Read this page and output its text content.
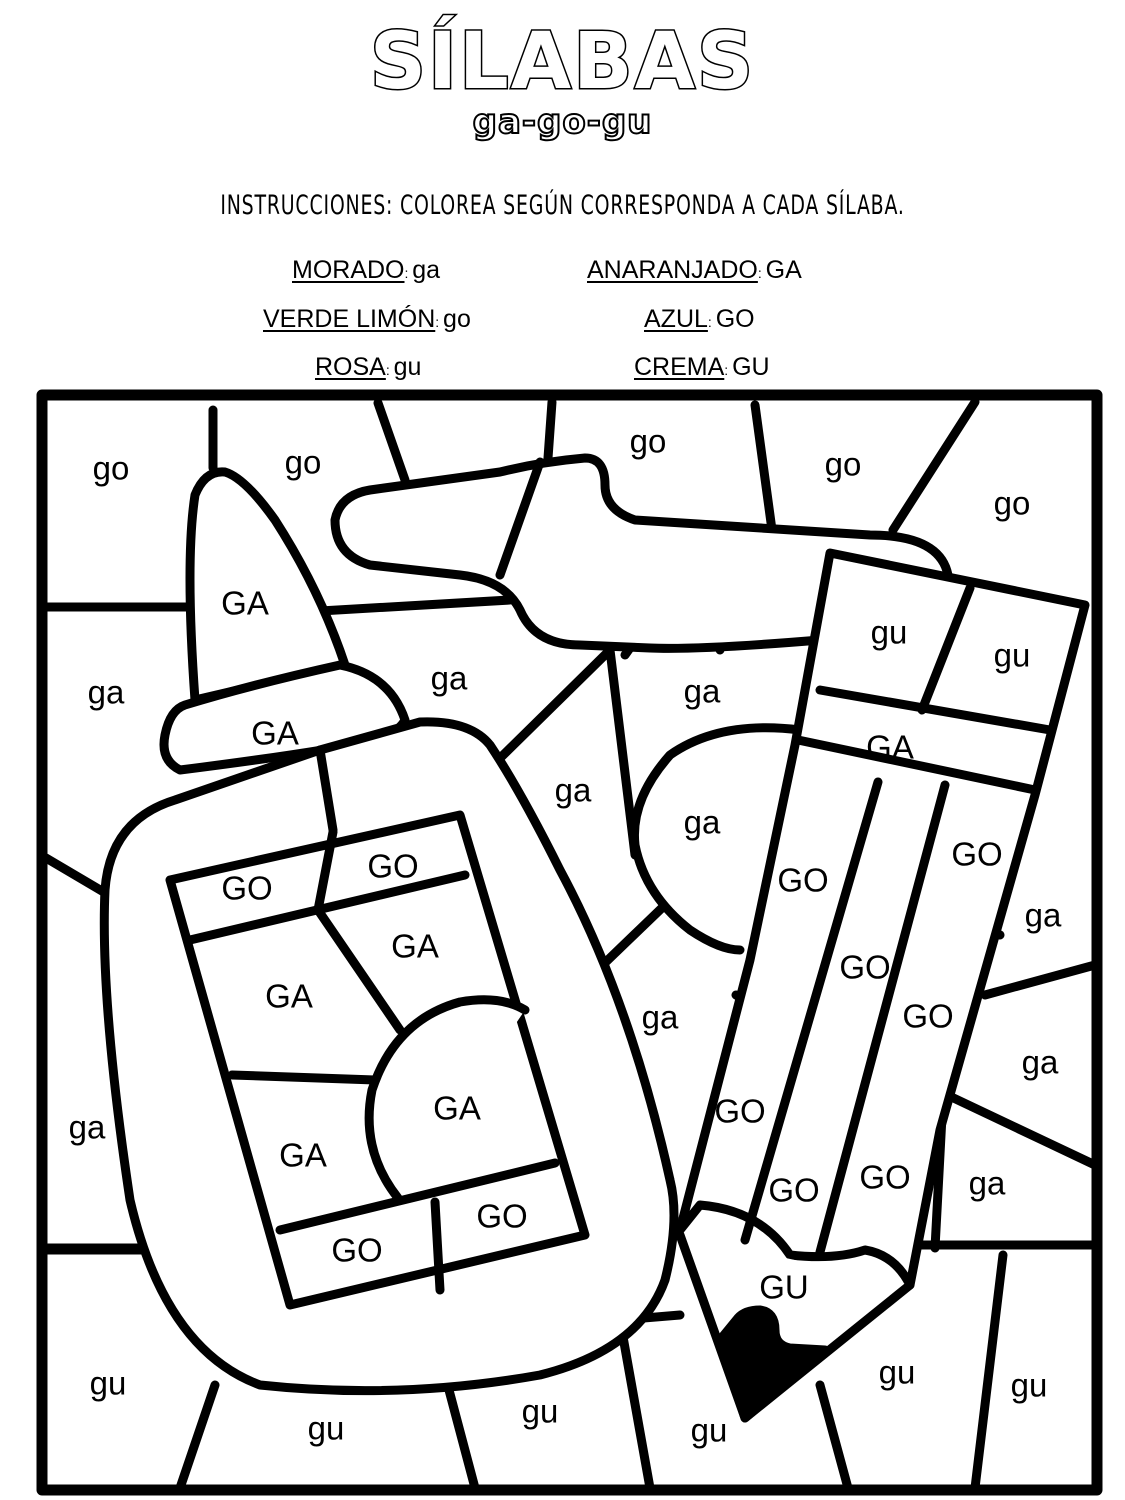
SÍLABAS
ga-go-gu
INSTRUCCIONES: COLOREA SEGÚN CORRESPONDA A CADA SÍLABA.
MORADO: ga	ANARANJADO: GA
VERDE LIMÓN: go	AZUL: GO
ROSA: gu	CREMA: GU
go	go
go
go
go
GA
GA
ga	ga	ga
ga
ga
gu
gu
GA
GO
GO	GO
GO
GA
GA
GA
GA
ga
ga
ga
ga
ga
GO
GO
GO
GO
GO
GO
GO
GU
gu	gu	gu
gu
gu	gu
